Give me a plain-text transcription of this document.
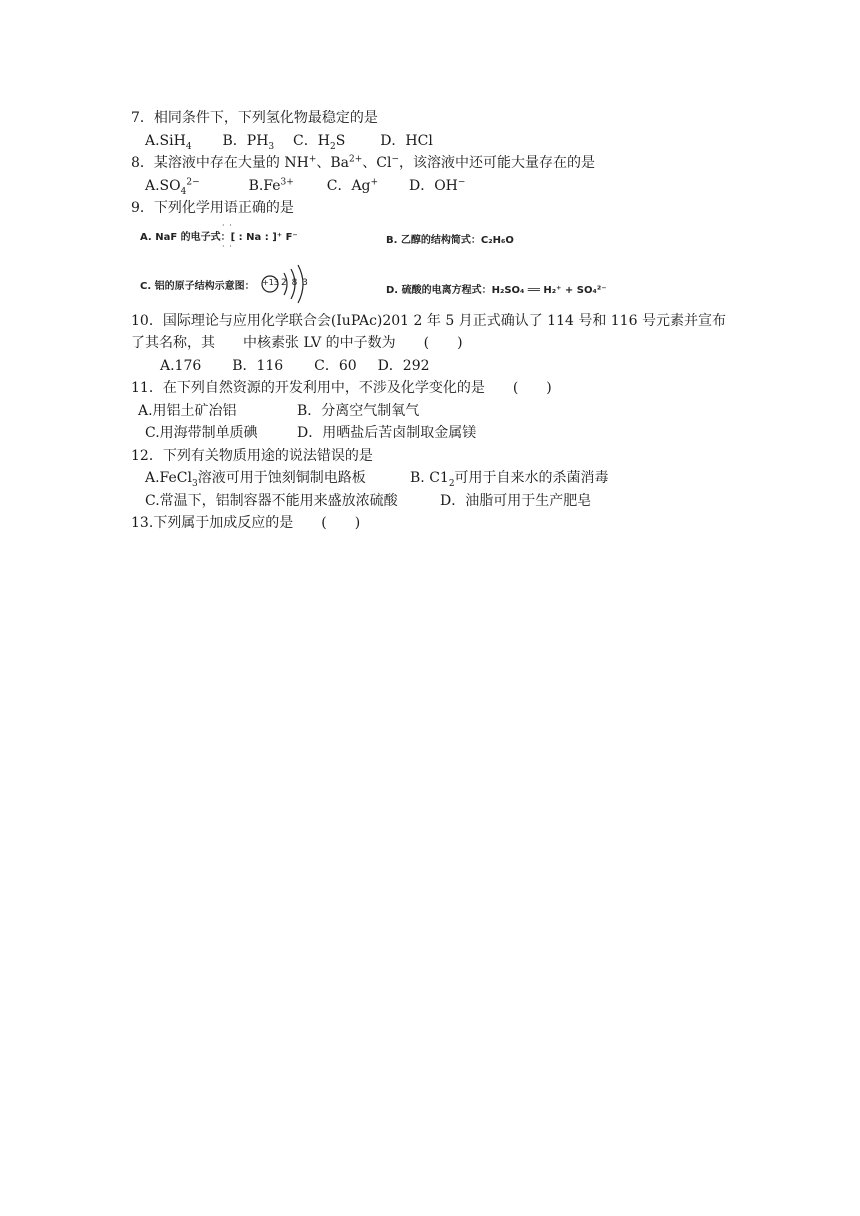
7．相同条件下，下列氢化物最稳定的是
A.SiH$_4$ B．$PH_3$ C．$H_2S$ D．HCl
8．某溶液中存在大量的 NH+、$Ba^{2+}$、Cl−，该溶液中还可能大量存在的是
$A.SO_4^{2-}$	$B.Fe^{3+}$ C．Ag+ D．OH−
9．下列化学用语正确的是
A. NaF 的电子式：[ : Na : ]⁺ F⁻
· ·
· ·
B. 乙醇的结构简式：C₂H₆O
C. 铝的原子结构示意图： +13 2 8 3
D. 硫酸的电离方程式：H₂SO₄ ══ H₂⁺ + SO₄²⁻
10．国际理论与应用化学联合会(IuPAc)201 2 年 5 月正式确认了 114 号和 116 号元素并宣布
了其名称，其　　中核素张 LV 的中子数为　　(　　)
A.176 B．116 C．60 D．292
11．在下列自然资源的开发利用中，不涉及化学变化的是　　(　　)
A.用铝土矿冶铝	B．分离空气制氧气
C.用海带制单质碘	D．用晒盐后苦卤制取金属镁
12．下列有关物质用途的说法错误的是
A.FeCl$_3$溶液可用于蚀刻铜制电路板	B. $C1_2$可用于自来水的杀菌消毒
C.常温下，铝制容器不能用来盛放浓硫酸	D．油脂可用于生产肥皂
13.下列属于加成反应的是　　(　　)
